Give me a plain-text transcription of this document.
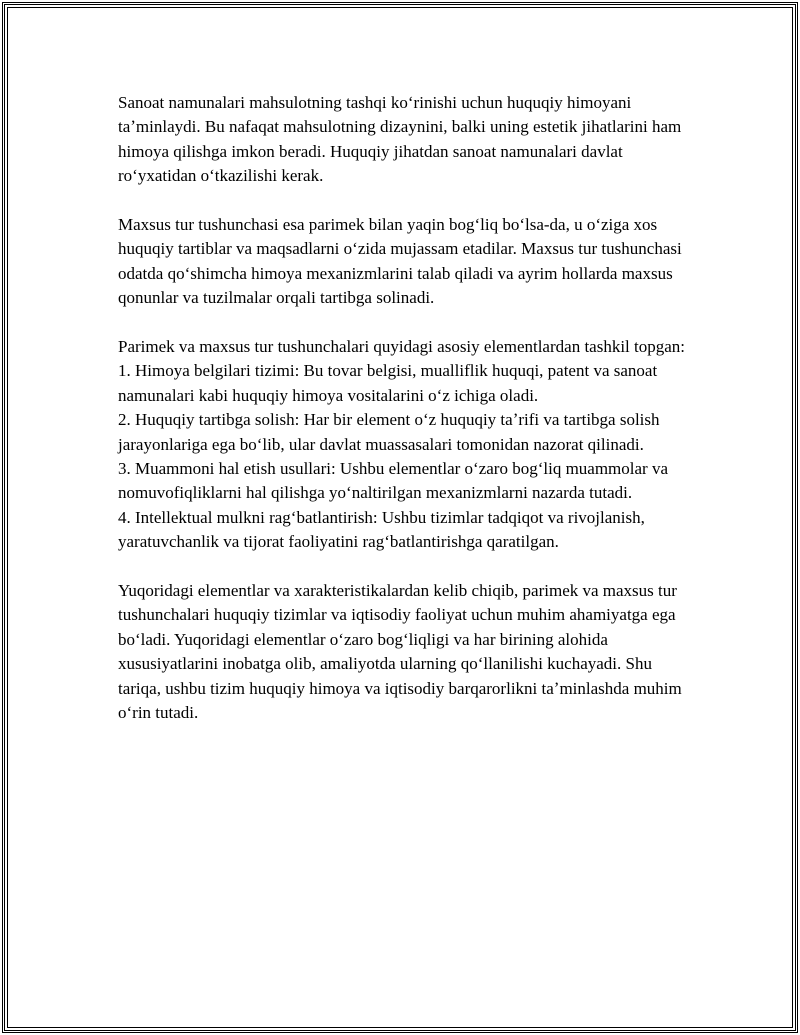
Sanoat namunalari mahsulotning tashqi koʻrinishi uchun huquqiy himoyani taʼminlaydi. Bu nafaqat mahsulotning dizaynini, balki uning estetik jihatlarini ham himoya qilishga imkon beradi. Huquqiy jihatdan sanoat namunalari davlat roʻyxatidan oʻtkazilishi kerak.

Maxsus tur tushunchasi esa parimek bilan yaqin bogʻliq boʻlsa-da, u oʻziga xos huquqiy tartiblar va maqsadlarni oʻzida mujassam etadilar. Maxsus tur tushunchasi odatda qoʻshimcha himoya mexanizmlarini talab qiladi va ayrim hollarda maxsus qonunlar va tuzilmalar orqali tartibga solinadi.

Parimek va maxsus tur tushunchalari quyidagi asosiy elementlardan tashkil topgan:

1. Himoya belgilari tizimi: Bu tovar belgisi, mualliflik huquqi, patent va sanoat namunalari kabi huquqiy himoya vositalarini oʻz ichiga oladi.
2. Huquqiy tartibga solish: Har bir element oʻz huquqiy taʼrifi va tartibga solish jarayonlariga ega boʻlib, ular davlat muassasalari tomonidan nazorat qilinadi.
3. Muammoni hal etish usullari: Ushbu elementlar oʻzaro bogʻliq muammolar va nomuvofiqliklarni hal qilishga yoʻnaltirilgan mexanizmlarni nazarda tutadi.
4. Intellektual mulkni ragʻbatlantirish: Ushbu tizimlar tadqiqot va rivojlanish, yaratuvchanlik va tijorat faoliyatini ragʻbatlantirishga qaratilgan.

Yuqoridagi elementlar va xarakteristikalardan kelib chiqib, parimek va maxsus tur tushunchalari huquqiy tizimlar va iqtisodiy faoliyat uchun muhim ahamiyatga ega boʻladi. Yuqoridagi elementlar oʻzaro bogʻliqligi va har birining alohida xususiyatlarini inobatga olib, amaliyotda ularning qoʻllanilishi kuchayadi. Shu tariqa, ushbu tizim huquqiy himoya va iqtisodiy barqarorlikni taʼminlashda muhim oʻrin tutadi.
